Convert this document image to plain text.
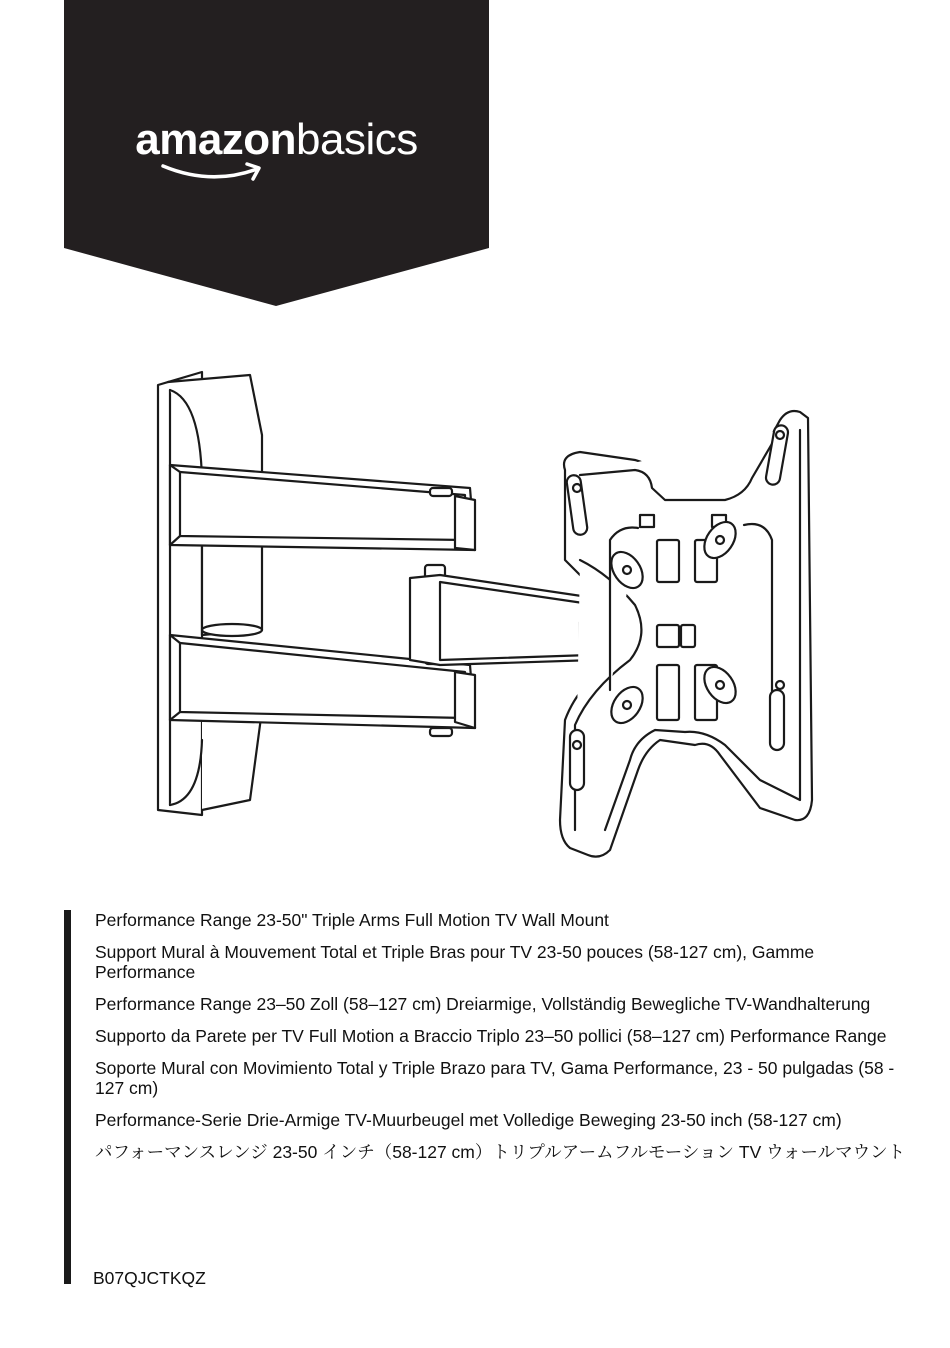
amazonbasics
Performance Range 23-50" Triple Arms Full Motion TV Wall Mount
Support Mural à Mouvement Total et Triple Bras pour TV 23-50 pouces (58-127 cm), Gamme Performance
Performance Range 23–50 Zoll (58–127 cm) Dreiarmige, Vollständig Bewegliche TV-Wandhalterung
Supporto da Parete per TV Full Motion a Braccio Triplo 23–50 pollici (58–127 cm) Performance Range
Soporte Mural con Movimiento Total y Triple Brazo para TV, Gama Performance, 23 - 50 pulgadas (58 - 127 cm)
Performance-Serie Drie-Armige TV-Muurbeugel met Volledige Beweging 23-50 inch (58-127 cm)
パフォーマンスレンジ 23-50 インチ（58-127 cm）トリプルアームフルモーション TV ウォールマウント
B07QJCTKQZ
